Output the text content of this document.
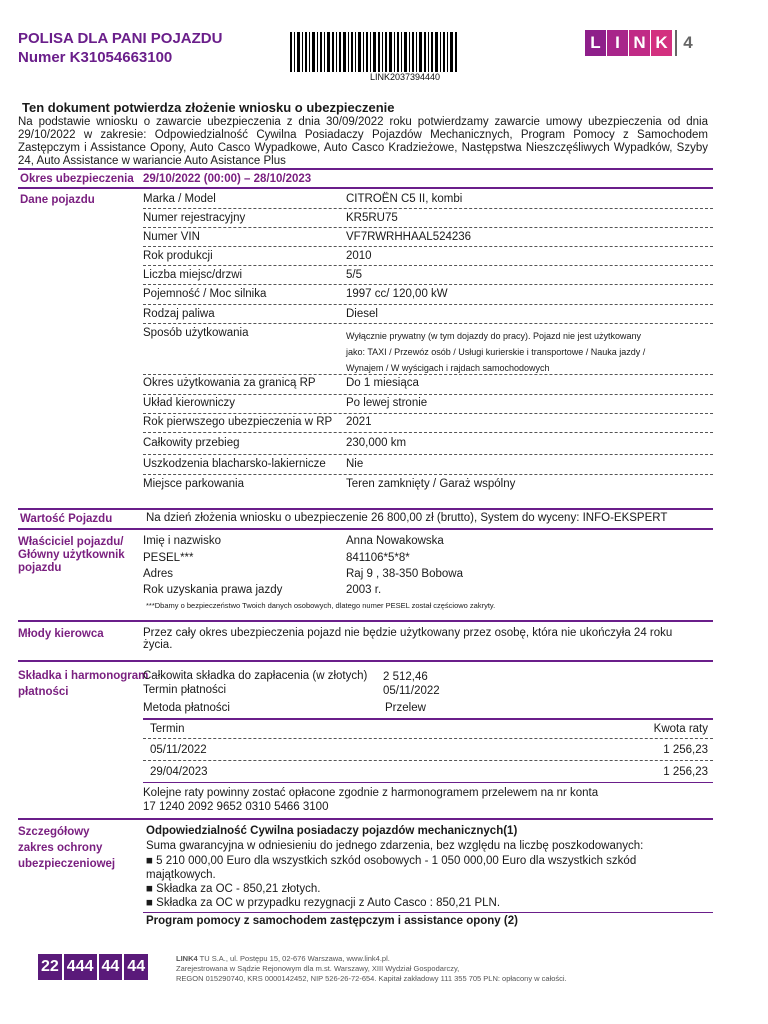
POLISA DLA PANI POJAZDU
Numer K31054663100
LINK2037394440
L I N K 4
Ten dokument potwierdza złożenie wniosku o ubezpieczenie
Na podstawie wniosku o zawarcie ubezpieczenia z dnia 30/09/2022 roku potwierdzamy zawarcie umowy ubezpieczenia od dnia 29/10/2022 w zakresie: Odpowiedzialność Cywilna Posiadaczy Pojazdów Mechanicznych, Program Pomocy z Samochodem Zastępczym i Assistance Opony, Auto Casco Wypadkowe, Auto Casco Kradzieżowe, Następstwa Nieszczęśliwych Wypadków, Szyby 24, Auto Assistance w wariancie Auto Asistance Plus
Okres ubezpieczenia 29/10/2022 (00:00) – 28/10/2023
Dane pojazdu	Marka / Model	CITROËN C5 II, kombi
Numer rejestracyjny	KR5RU75
Numer VIN	VF7RWRHHAAL524236
Rok produkcji	2010
Liczba miejsc/drzwi	5/5
Pojemność / Moc silnika	1997 cc/ 120,00 kW
Rodzaj paliwa	Diesel
Sposób użytkowania	Wyłącznie prywatny (w tym dojazdy do pracy). Pojazd nie jest użytkowany
jako: TAXI / Przewóz osób / Usługi kurierskie i transportowe / Nauka jazdy /
Wynajem / W wyścigach i rajdach samochodowych
Okres użytkowania za granicą RP	Do 1 miesiąca
Układ kierowniczy	Po lewej stronie
Rok pierwszego ubezpieczenia w RP 2021
Całkowity przebieg	230,000 km
Uszkodzenia blacharsko-lakiernicze Nie
Miejsce parkowania	Teren zamknięty / Garaż wspólny
Wartość Pojazdu	Na dzień złożenia wniosku o ubezpieczenie 26 800,00 zł (brutto), System do wyceny: INFO-EKSPERT
Właściciel pojazdu/
Główny użytkownik
pojazdu
Imię i nazwisko	Anna Nowakowska
PESEL***	841106*5*8*
Adres	Raj 9 , 38-350 Bobowa
Rok uzyskania prawa jazdy	2003 r.
***Dbamy o bezpieczeństwo Twoich danych osobowych, dlatego numer PESEL został częściowo zakryty.
Młody kierowca	Przez cały okres ubezpieczenia pojazd nie będzie użytkowany przez osobę, która nie ukończyła 24 roku
życia.
Składka i harmonogram
płatności
Całkowita składka do zapłacenia (w złotych) 2 512,46
Termin płatności	05/11/2022
Metoda płatności	Przelew
Termin	Kwota raty
05/11/2022	1 256,23
29/04/2023	1 256,23
Kolejne raty powinny zostać opłacone zgodnie z harmonogramem przelewem na nr konta
17 1240 2092 9652 0310 5466 3100
Szczegółowy
zakres ochrony
ubezpieczeniowej
Odpowiedzialność Cywilna posiadaczy pojazdów mechanicznych(1)
Suma gwarancyjna w odniesieniu do jednego zdarzenia, bez względu na liczbę poszkodowanych:
■ 5 210 000,00 Euro dla wszystkich szkód osobowych - 1 050 000,00 Euro dla wszystkich szkód
majątkowych.
■ Składka za OC - 850,21 złotych.
■ Składka za OC w przypadku rezygnacji z Auto Casco : 850,21 PLN.
Program pomocy z samochodem zastępczym i assistance opony (2)
22 444 44 44	LINK4 TU S.A., ul. Postępu 15, 02-676 Warszawa, www.link4.pl.
Zarejestrowana w Sądzie Rejonowym dla m.st. Warszawy, XIII Wydział Gospodarczy,
REGON 015290740, KRS 0000142452, NIP 526-26-72-654. Kapitał zakładowy 111 355 705 PLN: opłacony w całości.
